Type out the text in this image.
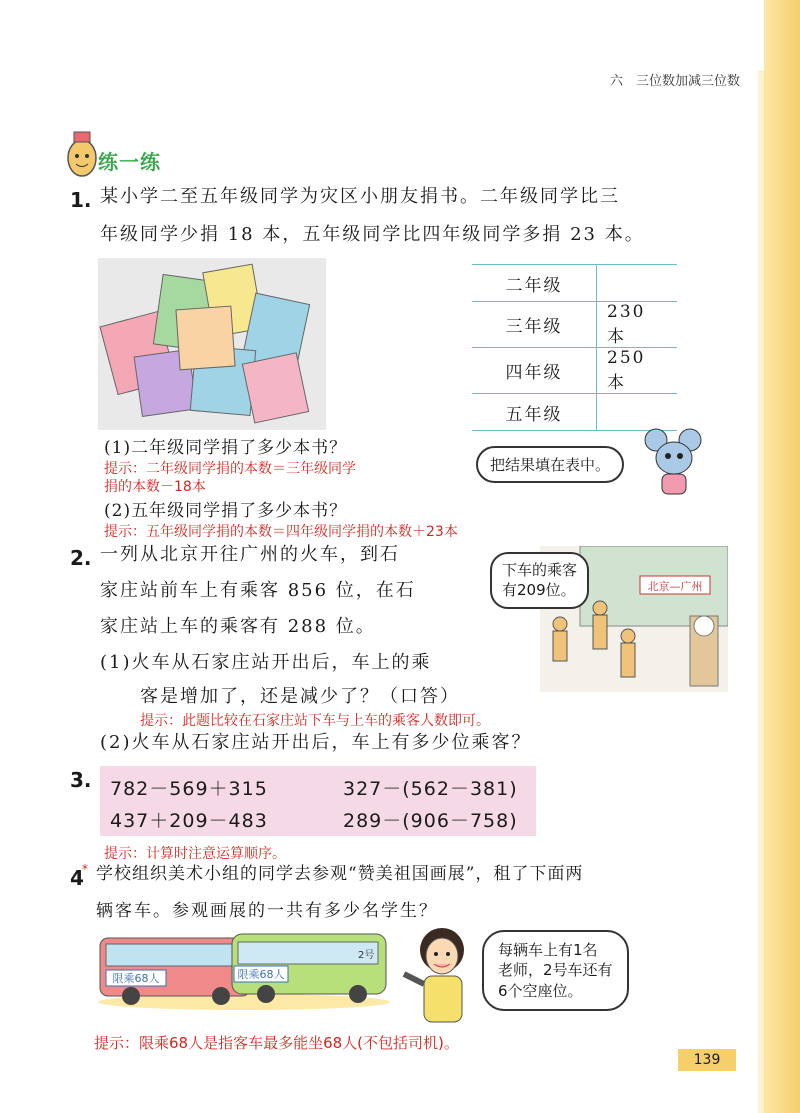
六　三位数加减三位数
练一练
1. 某小学二至五年级同学为灾区小朋友捐书。二年级同学比三
年级同学少捐 18 本，五年级同学比四年级同学多捐 23 本。
二年级	
三年级	230 本
四年级	250 本
五年级	
(1)二年级同学捐了多少本书？
提示：二年级同学捐的本数＝三年级同学
捐的本数－18本
把结果填在表中。
(2)五年级同学捐了多少本书？
提示：五年级同学捐的本数＝四年级同学捐的本数＋23本
2. 一列从北京开往广州的火车，到石
家庄站前车上有乘客 856 位，在石
家庄站上车的乘客有 288 位。
(1)火车从石家庄站开出后，车上的乘
客是增加了，还是减少了？（口答）
提示：此题比较在石家庄站下车与上车的乘客人数即可。
(2)火车从石家庄站开出后，车上有多少位乘客？
北京—广州
下车的乘客
有209位。
3. 782－569＋315	327－(562－381)
437＋209－483	289－(906－758)
提示：计算时注意运算顺序。
4
* 学校组织美术小组的同学去参观“赞美祖国画展”，租了下面两
辆客车。参观画展的一共有多少名学生？
限乘68人	限乘68人
2号	每辆车上有1名
老师，2号车还有
6个空座位。
提示：限乘68人是指客车最多能坐68人(不包括司机)。
139
